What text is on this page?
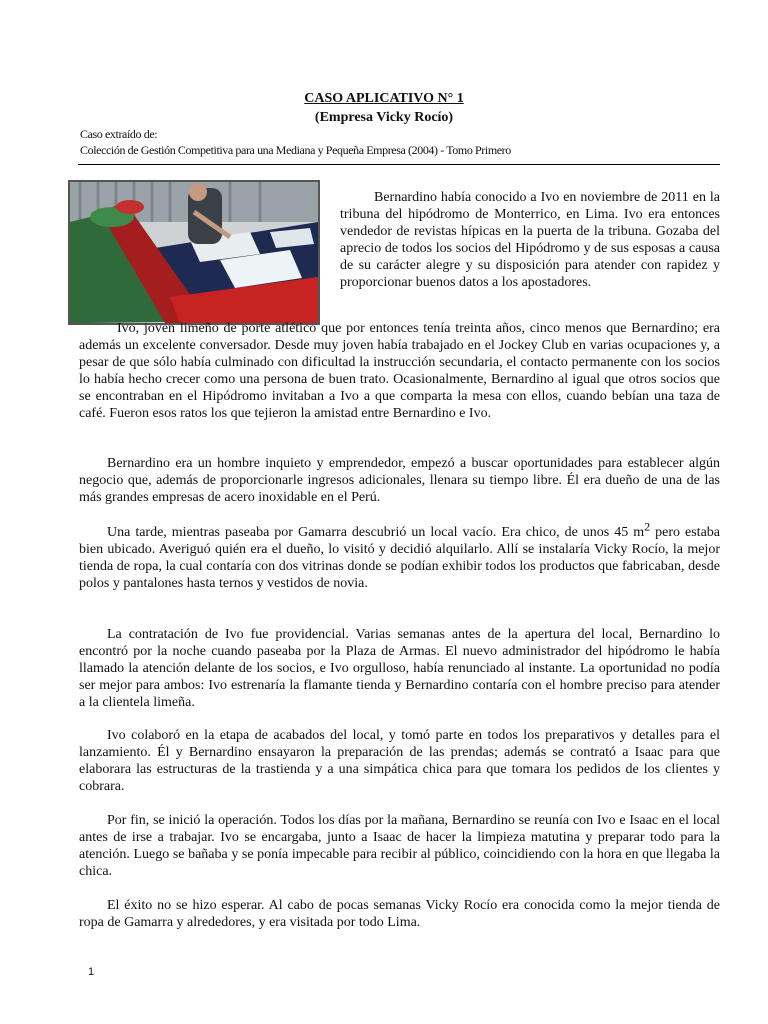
CASO APLICATIVO N° 1
(Empresa Vicky Rocío)
Caso extraído de:
Colección de Gestión Competitiva para una Mediana y Pequeña Empresa (2004) - Tomo Primero

Bernardino había conocido a Ivo en noviembre de 2011 en la tribuna del hipódromo de Monterrico, en Lima. Ivo era entonces vendedor de revistas hípicas en la puerta de la tribuna. Gozaba del aprecio de todos los socios del Hipódromo y de sus esposas a causa de su carácter alegre y su disposición para atender con rapidez y proporcionar buenos datos a los apostadores.

Ivo, joven limeño de porte atlético que por entonces tenía treinta años, cinco menos que Bernardino; era además un excelente conversador. Desde muy joven había trabajado en el Jockey Club en varias ocupaciones y, a pesar de que sólo había culminado con dificultad la instrucción secundaria, el contacto permanente con los socios lo había hecho crecer como una persona de buen trato. Ocasionalmente, Bernardino al igual que otros socios que se encontraban en el Hipódromo invitaban a Ivo a que comparta la mesa con ellos, cuando bebían una taza de café. Fueron esos ratos los que tejieron la amistad entre Bernardino e Ivo.

Bernardino era un hombre inquieto y emprendedor, empezó a buscar oportunidades para establecer algún negocio que, además de proporcionarle ingresos adicionales, llenara su tiempo libre. Él era dueño de una de las más grandes empresas de acero inoxidable en el Perú.

Una tarde, mientras paseaba por Gamarra descubrió un local vacío. Era chico, de unos 45 $m^2$ pero estaba bien ubicado. Averiguó quién era el dueño, lo visitó y decidió alquilarlo. Allí se instalaría Vicky Rocío, la mejor tienda de ropa, la cual contaría con dos vitrinas donde se podían exhibir todos los productos que fabricaban, desde polos y pantalones hasta ternos y vestidos de novia.

La contratación de Ivo fue providencial. Varias semanas antes de la apertura del local, Bernardino lo encontró por la noche cuando paseaba por la Plaza de Armas. El nuevo administrador del hipódromo le había llamado la atención delante de los socios, e Ivo orgulloso, había renunciado al instante. La oportunidad no podía ser mejor para ambos: Ivo estrenaría la flamante tienda y Bernardino contaría con el hombre preciso para atender a la clientela limeña.

Ivo colaboró en la etapa de acabados del local, y tomó parte en todos los preparativos y detalles para el lanzamiento. Él y Bernardino ensayaron la preparación de las prendas; además se contrató a Isaac para que elaborara las estructuras de la trastienda y a una simpática chica para que tomara los pedidos de los clientes y cobrara.

Por fin, se inició la operación. Todos los días por la mañana, Bernardino se reunía con Ivo e Isaac en el local antes de irse a trabajar. Ivo se encargaba, junto a Isaac de hacer la limpieza matutina y preparar todo para la atención. Luego se bañaba y se ponía impecable para recibir al público, coincidiendo con la hora en que llegaba la chica.

El éxito no se hizo esperar. Al cabo de pocas semanas Vicky Rocío era conocida como la mejor tienda de ropa de Gamarra y alrededores, y era visitada por todo Lima.

1
